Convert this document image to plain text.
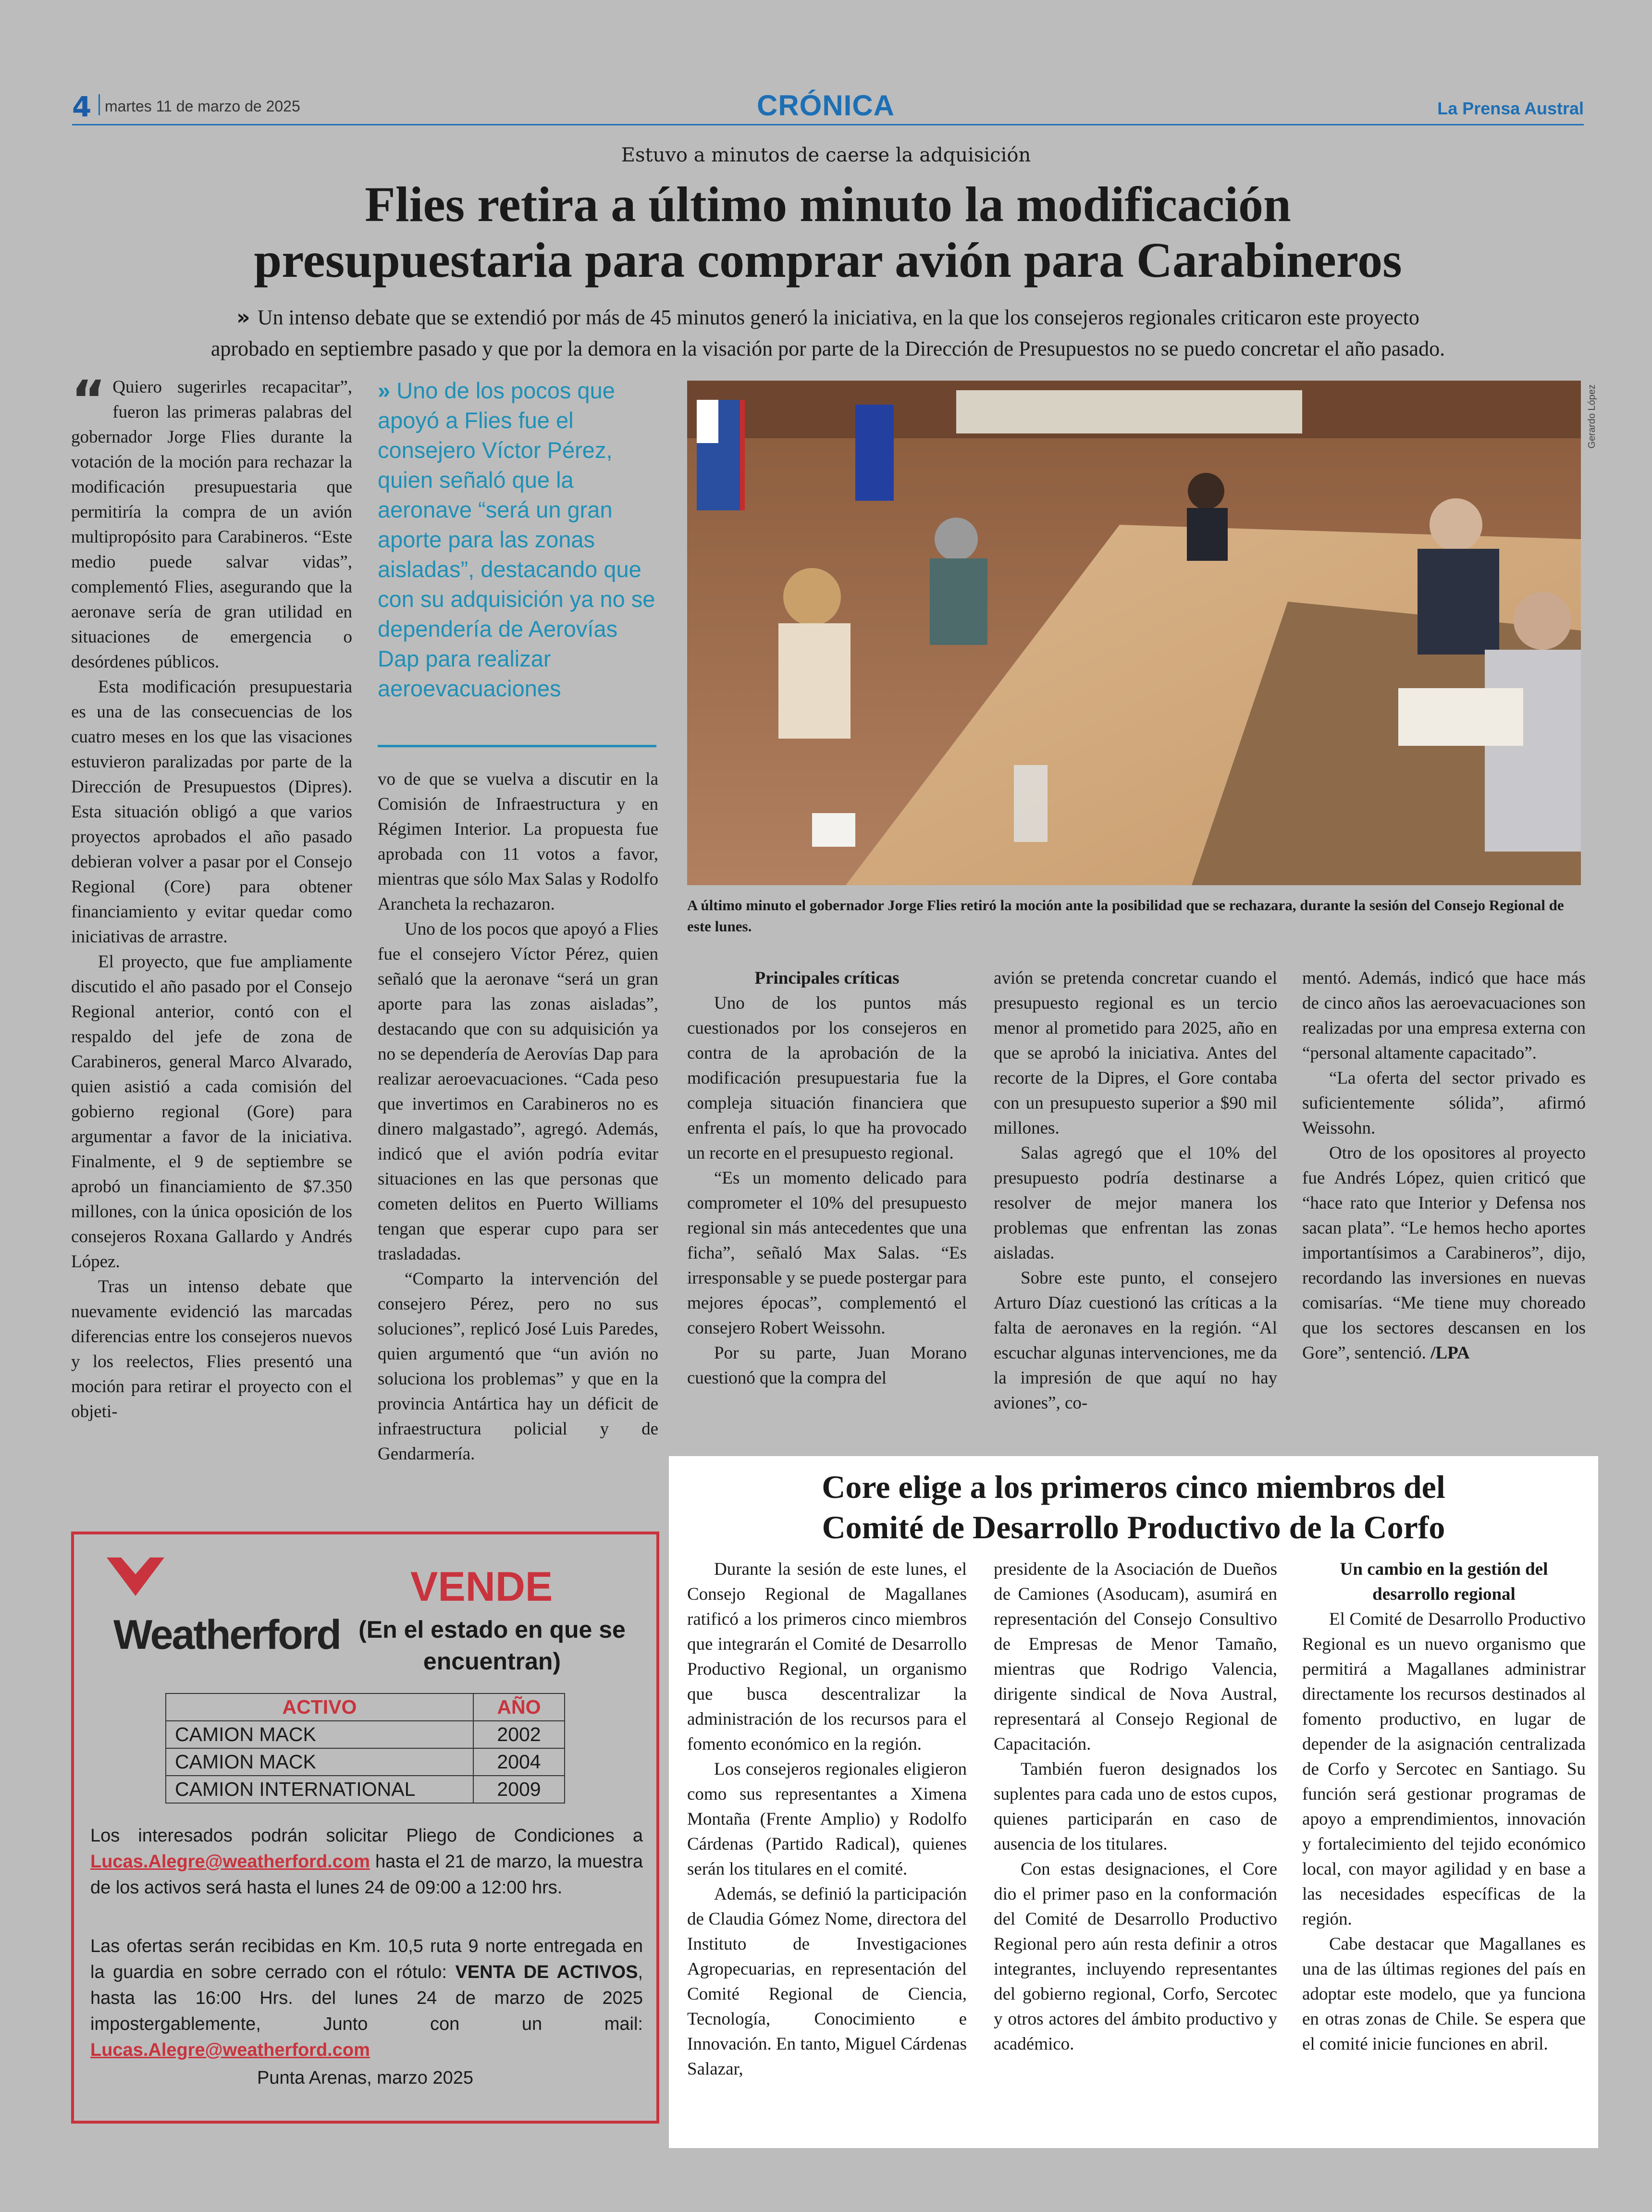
4 martes 11 de marzo de 2025	CRÓNICA	La Prensa Austral
Estuvo a minutos de caerse la adquisición
Flies retira a último minuto la modificación
presupuestaria para comprar avión para Carabineros
» Un intenso debate que se extendió por más de 45 minutos generó la iniciativa, en la que los consejeros regionales criticaron este proyecto
aprobado en septiembre pasado y que por la demora en la visación por parte de la Dirección de Presupuestos no se puedo concretar el año pasado.

“ Quiero sugerirles recapacitar”, fueron las primeras palabras del gobernador Jorge Flies durante la votación de la moción para rechazar la modificación presupuestaria que permitiría la compra de un avión multipropósito para Carabineros. “Este medio puede salvar vidas”, complementó Flies, asegurando que la aeronave sería de gran utilidad en situaciones de emergencia o desórdenes públicos.

Esta modificación presupuestaria es una de las consecuencias de los cuatro meses en los que las visaciones estuvieron paralizadas por parte de la Dirección de Presupuestos (Dipres). Esta situación obligó a que varios proyectos aprobados el año pasado debieran volver a pasar por el Consejo Regional (Core) para obtener financiamiento y evitar quedar como iniciativas de arrastre.

El proyecto, que fue ampliamente discutido el año pasado por el Consejo Regional anterior, contó con el respaldo del jefe de zona de Carabineros, general Marco Alvarado, quien asistió a cada comisión del gobierno regional (Gore) para argumentar a favor de la iniciativa. Finalmente, el 9 de septiembre se aprobó un financiamiento de $7.350 millones, con la única oposición de los consejeros Roxana Gallardo y Andrés López.

Tras un intenso debate que nuevamente evidenció las marcadas diferencias entre los consejeros nuevos y los reelectos, Flies presentó una moción para retirar el proyecto con el objeti-

» Uno de los pocos que apoyó a Flies fue el consejero Víctor Pérez, quien señaló que la aeronave “será un gran aporte para las zonas aisladas”, destacando que con su adquisición ya no se dependería de Aerovías Dap para realizar aeroevacuaciones

vo de que se vuelva a discutir en la Comisión de Infraestructura y en Régimen Interior. La propuesta fue aprobada con 11 votos a favor, mientras que sólo Max Salas y Rodolfo Arancheta la rechazaron.

Uno de los pocos que apoyó a Flies fue el consejero Víctor Pérez, quien señaló que la aeronave “será un gran aporte para las zonas aisladas”, destacando que con su adquisición ya no se dependería de Aerovías Dap para realizar aeroevacuaciones. “Cada peso que invertimos en Carabineros no es dinero malgastado”, agregó. Además, indicó que el avión podría evitar situaciones en las que personas que cometen delitos en Puerto Williams tengan que esperar cupo para ser trasladadas.

“Comparto la intervención del consejero Pérez, pero no sus soluciones”, replicó José Luis Paredes, quien argumentó que “un avión no soluciona los problemas” y que en la provincia Antártica hay un déficit de infraestructura policial y de Gendarmería.

Gerardo López
A último minuto el gobernador Jorge Flies retiró la moción ante la posibilidad que se rechazara, durante la sesión del Consejo Regional de este lunes.
Principales críticas

Uno de los puntos más cuestionados por los consejeros en contra de la aprobación de la modificación presupuestaria fue la compleja situación financiera que enfrenta el país, lo que ha provocado un recorte en el presupuesto regional.

“Es un momento delicado para comprometer el 10% del presupuesto regional sin más antecedentes que una ficha”, señaló Max Salas. “Es irresponsable y se puede postergar para mejores épocas”, complementó el consejero Robert Weissohn.

Por su parte, Juan Morano cuestionó que la compra del

avión se pretenda concretar cuando el presupuesto regional es un tercio menor al prometido para 2025, año en que se aprobó la iniciativa. Antes del recorte de la Dipres, el Gore contaba con un presupuesto superior a $90 mil millones.

Salas agregó que el 10% del presupuesto podría destinarse a resolver de mejor manera los problemas que enfrentan las zonas aisladas.

Sobre este punto, el consejero Arturo Díaz cuestionó las críticas a la falta de aeronaves en la región. “Al escuchar algunas intervenciones, me da la impresión de que aquí no hay aviones”, co-

mentó. Además, indicó que hace más de cinco años las aeroevacuaciones son realizadas por una empresa externa con “personal altamente capacitado”.

“La oferta del sector privado es suficientemente sólida”, afirmó Weissohn.

Otro de los opositores al proyecto fue Andrés López, quien criticó que “hace rato que Interior y Defensa nos sacan plata”. “Le hemos hecho aportes importantísimos a Carabineros”, dijo, recordando las inversiones en nuevas comisarías. “Me tiene muy choreado que los sectores descansen en los Gore”, sentenció. /LPA

Weatherford
VENDE
(En el estado en que se encuentran)
ACTIVO	AÑO
CAMION MACK	2002
CAMION MACK	2004
CAMION INTERNATIONAL	2009
Los interesados podrán solicitar Pliego de Condiciones a Lucas.Alegre@weatherford.com hasta el 21 de marzo, la muestra de los activos será hasta el lunes 24 de 09:00 a 12:00 hrs.
Las ofertas serán recibidas en Km. 10,5 ruta 9 norte entregada en la guardia en sobre cerrado con el rótulo: VENTA DE ACTIVOS, hasta las 16:00 Hrs. del lunes 24 de marzo de 2025 impostergablemente, Junto con un mail: Lucas.Alegre@weatherford.com
Punta Arenas, marzo 2025
Core elige a los primeros cinco miembros del
Comité de Desarrollo Productivo de la Corfo

Durante la sesión de este lunes, el Consejo Regional de Magallanes ratificó a los primeros cinco miembros que integrarán el Comité de Desarrollo Productivo Regional, un organismo que busca descentralizar la administración de los recursos para el fomento económico en la región.

Los consejeros regionales eligieron como sus representantes a Ximena Montaña (Frente Amplio) y Rodolfo Cárdenas (Partido Radical), quienes serán los titulares en el comité.

Además, se definió la participación de Claudia Gómez Nome, directora del Instituto de Investigaciones Agropecuarias, en representación del Comité Regional de Ciencia, Tecnología, Conocimiento e Innovación. En tanto, Miguel Cárdenas Salazar,

presidente de la Asociación de Dueños de Camiones (Asoducam), asumirá en representación del Consejo Consultivo de Empresas de Menor Tamaño, mientras que Rodrigo Valencia, dirigente sindical de Nova Austral, representará al Consejo Regional de Capacitación.

También fueron designados los suplentes para cada uno de estos cupos, quienes participarán en caso de ausencia de los titulares.

Con estas designaciones, el Core dio el primer paso en la conformación del Comité de Desarrollo Productivo Regional pero aún resta definir a otros integrantes, incluyendo representantes del gobierno regional, Corfo, Sercotec y otros actores del ámbito productivo y académico.

Un cambio en la gestión del desarrollo regional

El Comité de Desarrollo Productivo Regional es un nuevo organismo que permitirá a Magallanes administrar directamente los recursos destinados al fomento productivo, en lugar de depender de la asignación centralizada de Corfo y Sercotec en Santiago. Su función será gestionar programas de apoyo a emprendimientos, innovación y fortalecimiento del tejido económico local, con mayor agilidad y en base a las necesidades específicas de la región.

Cabe destacar que Magallanes es una de las últimas regiones del país en adoptar este modelo, que ya funciona en otras zonas de Chile. Se espera que el comité inicie funciones en abril.
